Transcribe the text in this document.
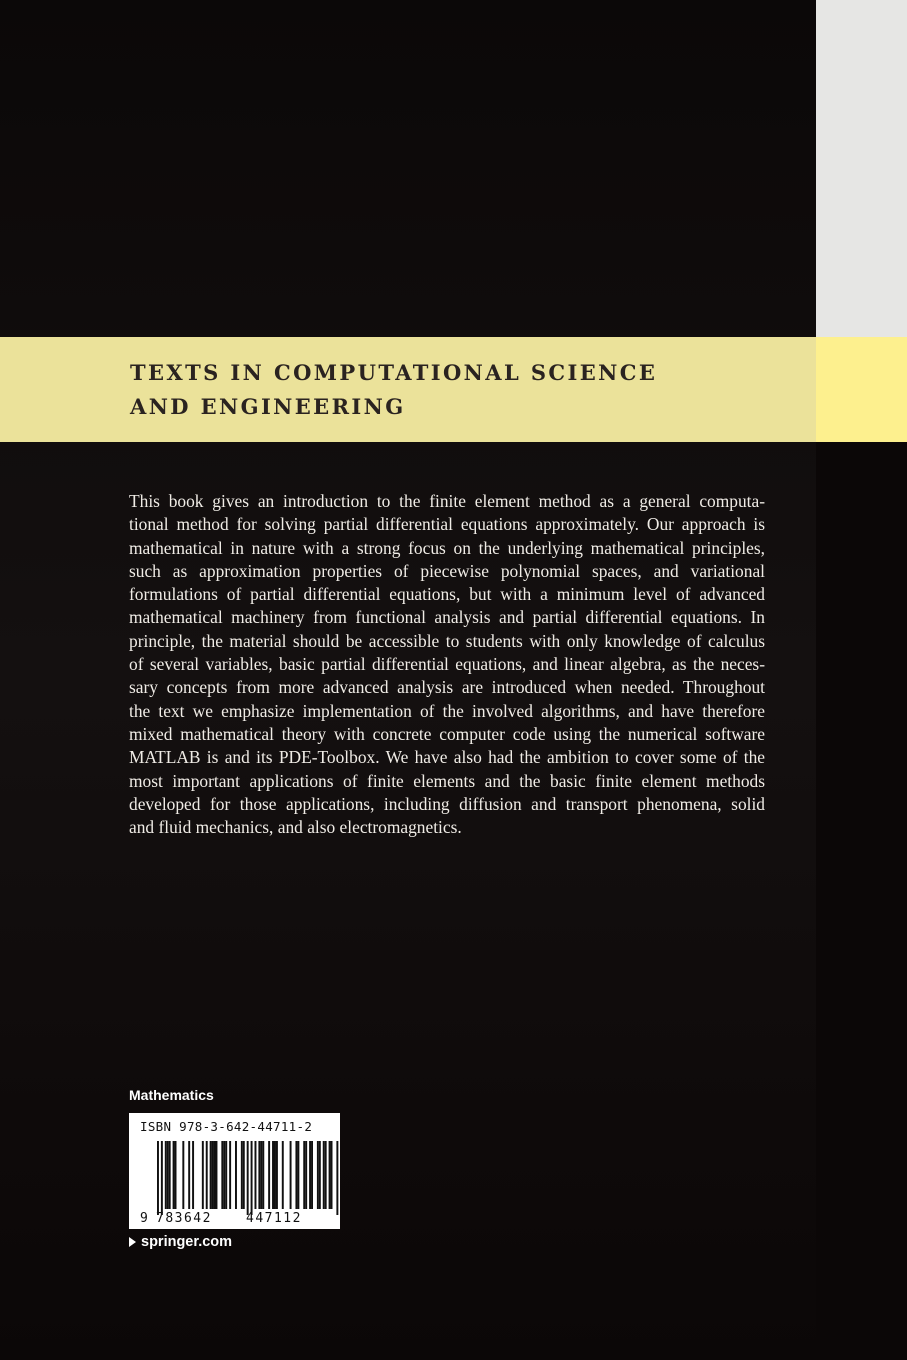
TEXTS IN COMPUTATIONAL SCIENCE
AND ENGINEERING

This book gives an introduction to the finite element method as a general computa-
tional method for solving partial differential equations approximately. Our approach is
mathematical in nature with a strong focus on the underlying mathematical principles,
such as approximation properties of piecewise polynomial spaces, and variational
formulations of partial differential equations, but with a minimum level of advanced
mathematical machinery from functional analysis and partial differential equations. In
principle, the material should be accessible to students with only knowledge of calculus
of several variables, basic partial differential equations, and linear algebra, as the neces-
sary concepts from more advanced analysis are introduced when needed. Throughout
the text we emphasize implementation of the involved algorithms, and have therefore
mixed mathematical theory with concrete computer code using the numerical software
MATLAB is and its PDE-Toolbox. We have also had the ambition to cover some of the
most important applications of finite elements and the basic finite element methods
developed for those applications, including diffusion and transport phenomena, solid
and fluid mechanics, and also electromagnetics.

Mathematics
ISBN 978-3-642-44711-2
9 783642	447112
springer.com
